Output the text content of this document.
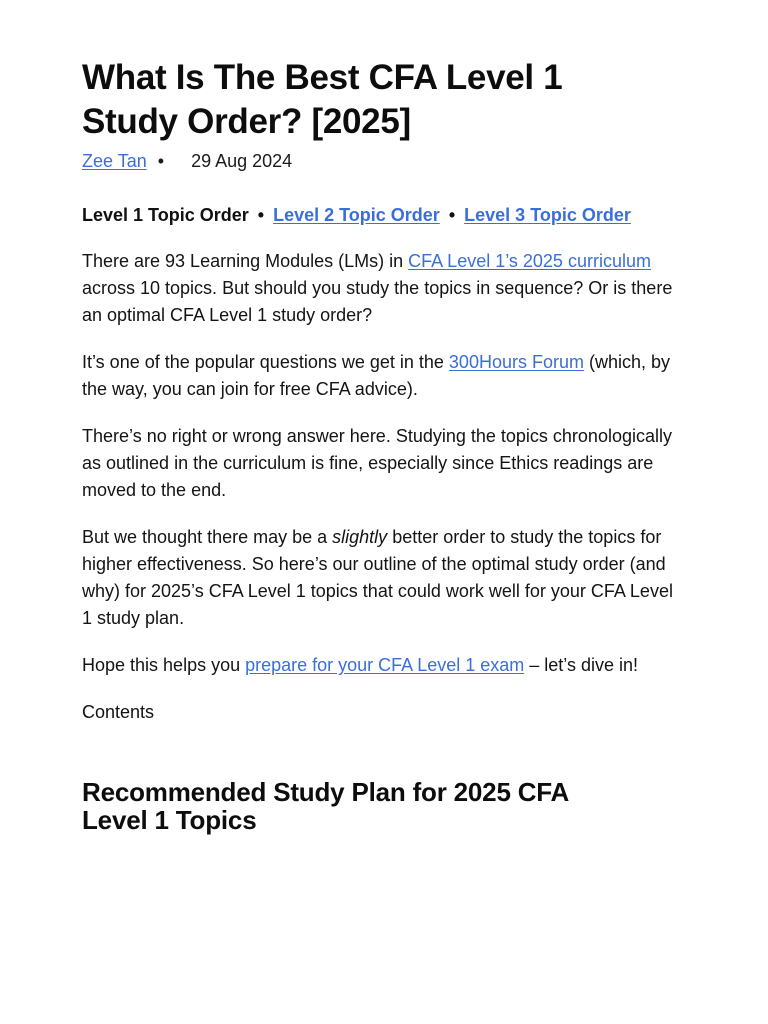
What Is The Best CFA Level 1
Study Order? [2025]
Zee Tan • 29 Aug 2024
Level 1 Topic Order • Level 2 Topic Order • Level 3 Topic Order

There are 93 Learning Modules (LMs) in CFA Level 1’s 2025 curriculum across 10 topics. But should you study the topics in sequence? Or is there an optimal CFA Level 1 study order?

It’s one of the popular questions we get in the 300Hours Forum (which, by the way, you can join for free CFA advice).

There’s no right or wrong answer here. Studying the topics chronologically as outlined in the curriculum is fine, especially since Ethics readings are moved to the end.

But we thought there may be a slightly better order to study the topics for higher effectiveness. So here’s our outline of the optimal study order (and why) for 2025’s CFA Level 1 topics that could work well for your CFA Level 1 study plan.

Hope this helps you prepare for your CFA Level 1 exam – let’s dive in!

Contents
Recommended Study Plan for 2025 CFA
Level 1 Topics
